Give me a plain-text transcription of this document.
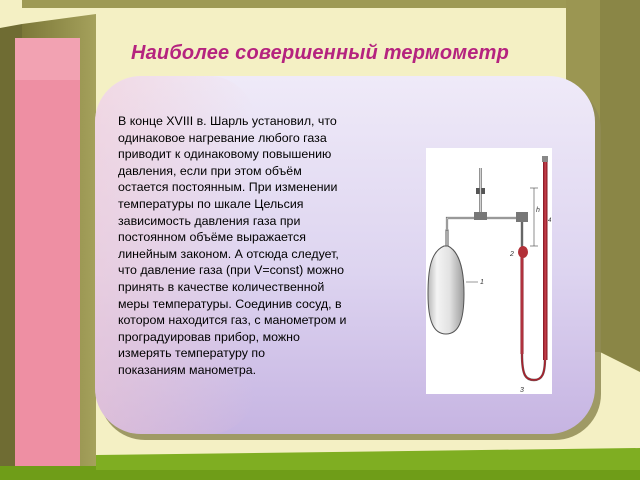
Наиболее совершенный термометр
В конце XVIII в. Шарль установил, что
одинаковое нагревание любого газа
приводит к одинаковому повышению
давления, если при этом объём
остается постоянным. При изменении
температуры по шкале Цельсия
зависимость давления газа при
постоянном объёме выражается
линейным законом. А отсюда следует,
что давление газа (при V=const) можно
принять в качестве количественной
меры температуры. Соединив сосуд, в
котором находится газ, с манометром и
проградуировав прибор, можно
измерять температуру по
показаниям манометра.
1
2
h
4
3
